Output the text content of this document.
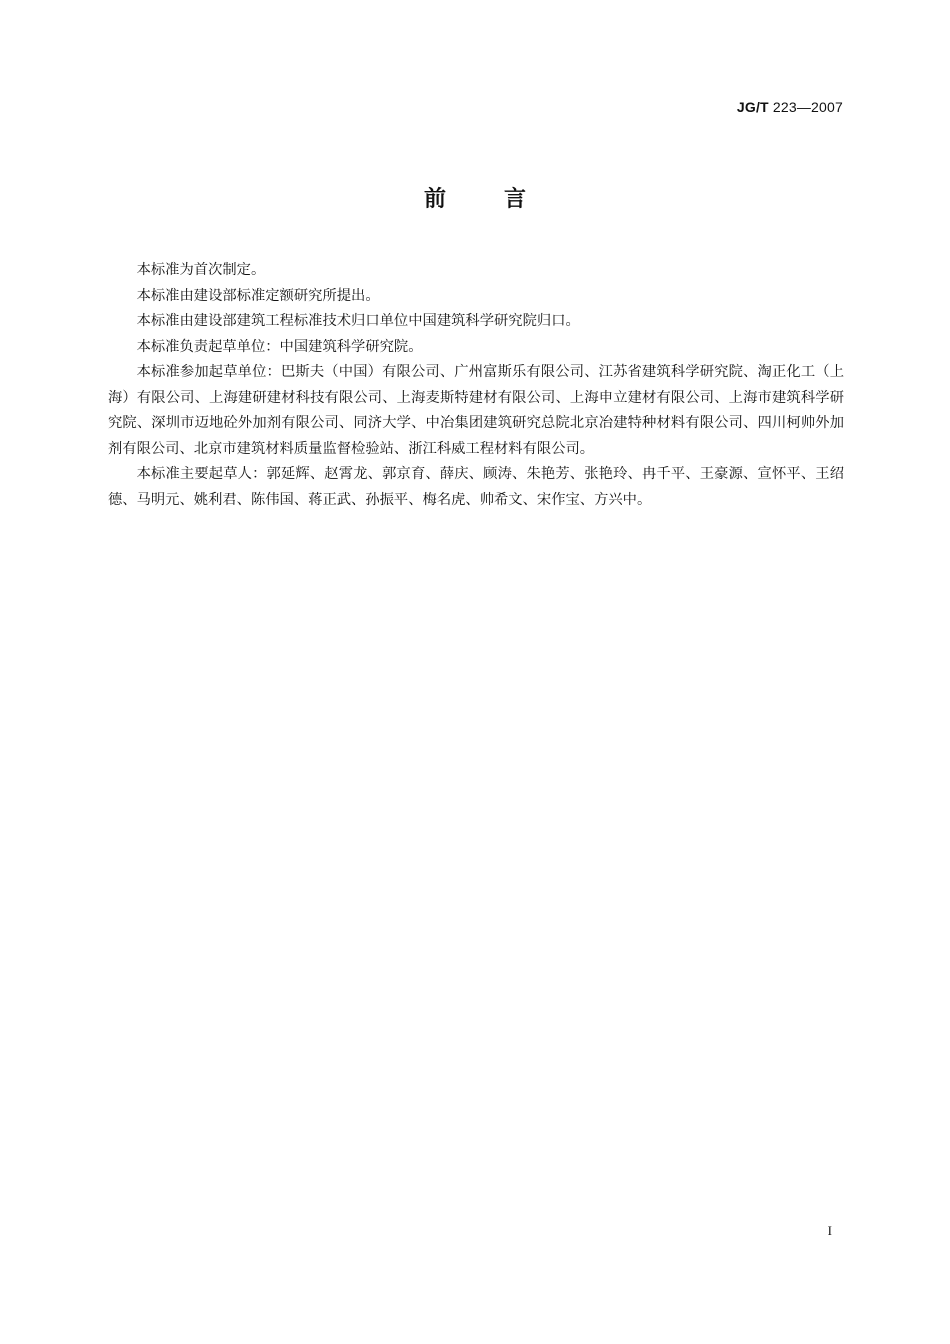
JG/T 223—2007
前言

本标准为首次制定。

本标准由建设部标准定额研究所提出。

本标准由建设部建筑工程标准技术归口单位中国建筑科学研究院归口。

本标准负责起草单位：中国建筑科学研究院。

本标准参加起草单位：巴斯夫（中国）有限公司、广州富斯乐有限公司、江苏省建筑科学研究院、淘正化工（上海）有限公司、上海建研建材科技有限公司、上海麦斯特建材有限公司、上海申立建材有限公司、上海市建筑科学研究院、深圳市迈地砼外加剂有限公司、同济大学、中冶集团建筑研究总院北京冶建特种材料有限公司、四川柯帅外加剂有限公司、北京市建筑材料质量监督检验站、浙江科威工程材料有限公司。

本标准主要起草人：郭延辉、赵霄龙、郭京育、薛庆、顾涛、朱艳芳、张艳玲、冉千平、王豪源、宣怀平、王绍德、马明元、姚利君、陈伟国、蒋正武、孙振平、梅名虎、帅希文、宋作宝、方兴中。

I
